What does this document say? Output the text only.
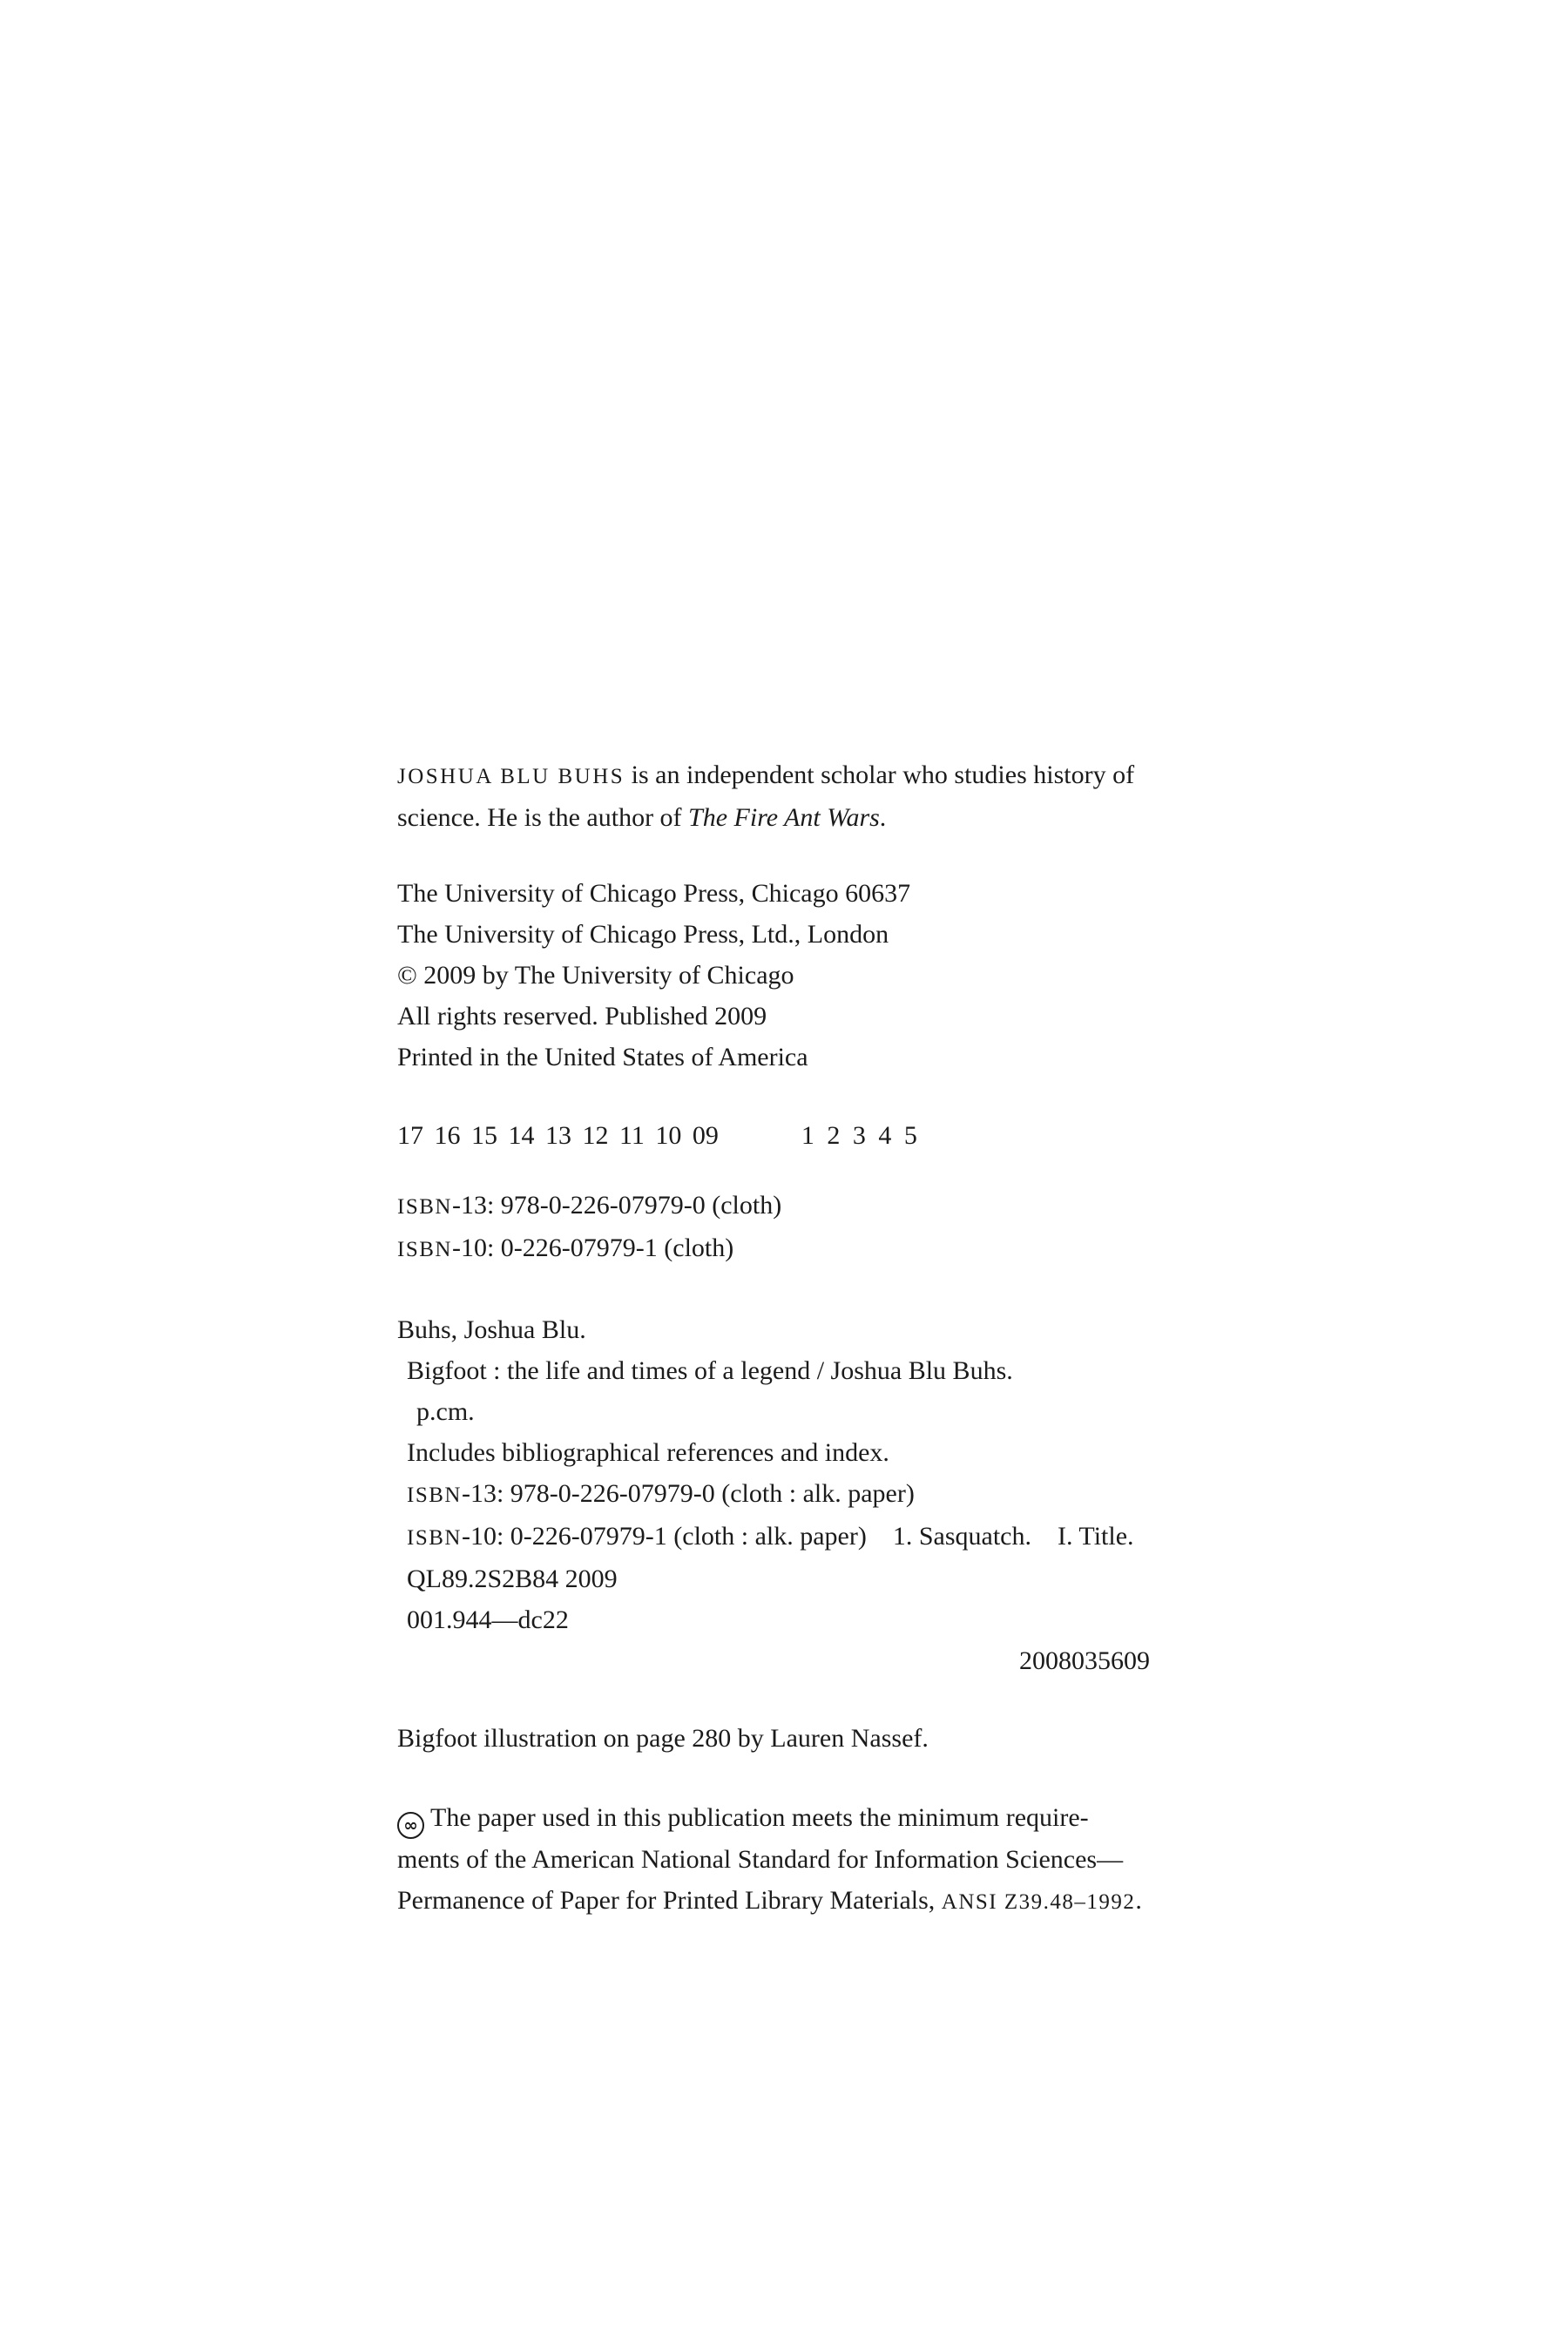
JOSHUA BLU BUHS is an independent scholar who studies history of
science. He is the author of The Fire Ant Wars.
The University of Chicago Press, Chicago 60637
The University of Chicago Press, Ltd., London
© 2009 by The University of Chicago
All rights reserved. Published 2009
Printed in the United States of America
17 16 15 14 13 12 11 10 09	1 2 3 4 5
ISBN-13: 978-0-226-07979-0 (cloth)
ISBN-10: 0-226-07979-1 (cloth)
Buhs, Joshua Blu.
Bigfoot : the life and times of a legend / Joshua Blu Buhs.
p.cm.
Includes bibliographical references and index.
ISBN-13: 978-0-226-07979-0 (cloth : alk. paper)
ISBN-10: 0-226-07979-1 (cloth : alk. paper)    1. Sasquatch.    I. Title.
QL89.2S2B84 2009
001.944—dc22
2008035609
Bigfoot illustration on page 280 by Lauren Nassef.
∞ The paper used in this publication meets the minimum require-
ments of the American National Standard for Information Sciences—
Permanence of Paper for Printed Library Materials, ANSI Z39.48–1992.
